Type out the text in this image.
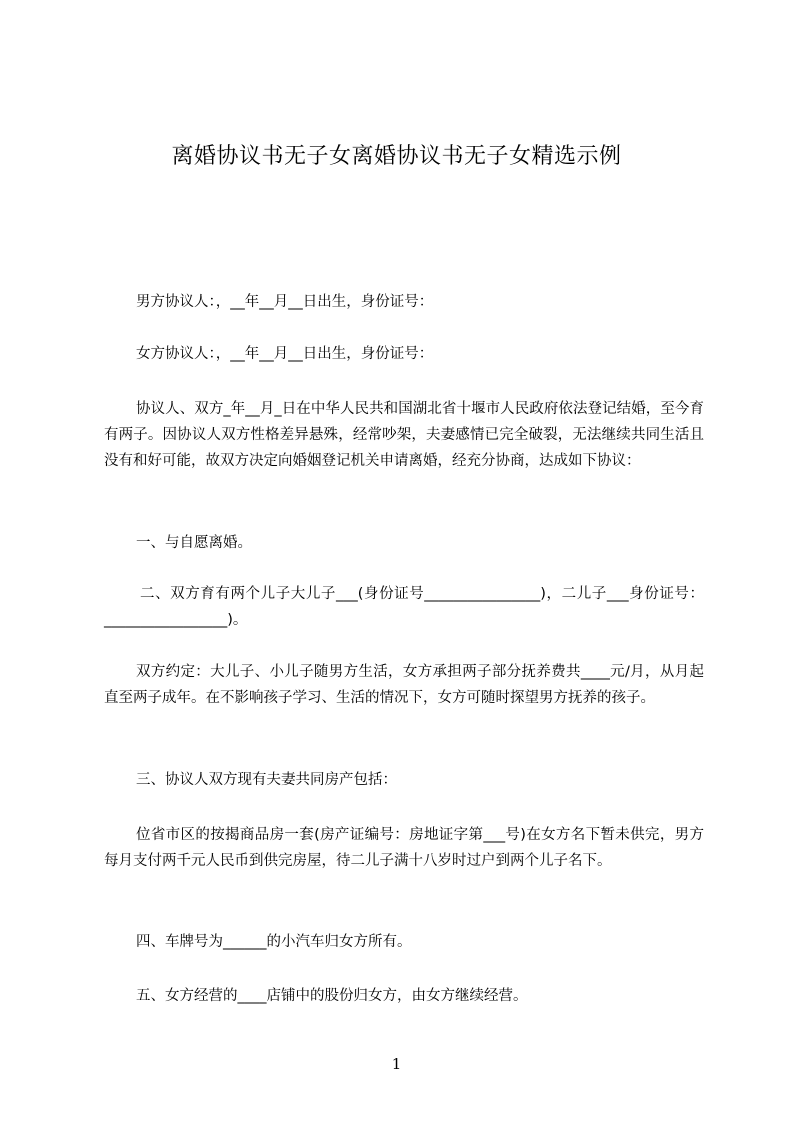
离婚协议书无子女离婚协议书无子女精选示例
男方协议人：，__年__月__日出生，身份证号：
女方协议人：，__年__月__日出生，身份证号：
协议人、双方_年__月_日在中华人民共和国湖北省十堰市人民政府依法登记结婚，至今育有两子。因协议人双方性格差异悬殊，经常吵架，夫妻感情已完全破裂，无法继续共同生活且没有和好可能，故双方决定向婚姻登记机关申请离婚，经充分协商，达成如下协议：
一、与自愿离婚。
二、双方育有两个儿子大儿子___(身份证号________________)，二儿子___身份证号：_________________)。
双方约定：大儿子、小儿子随男方生活，女方承担两子部分抚养费共____元/月，从月起直至两子成年。在不影响孩子学习、生活的情况下，女方可随时探望男方抚养的孩子。
三、协议人双方现有夫妻共同房产包括：
位省市区的按揭商品房一套(房产证编号：房地证字第___号)在女方名下暂未供完，男方每月支付两千元人民币到供完房屋，待二儿子满十八岁时过户到两个儿子名下。
四、车牌号为______的小汽车归女方所有。
五、女方经营的____店铺中的股份归女方，由女方继续经营。
1
